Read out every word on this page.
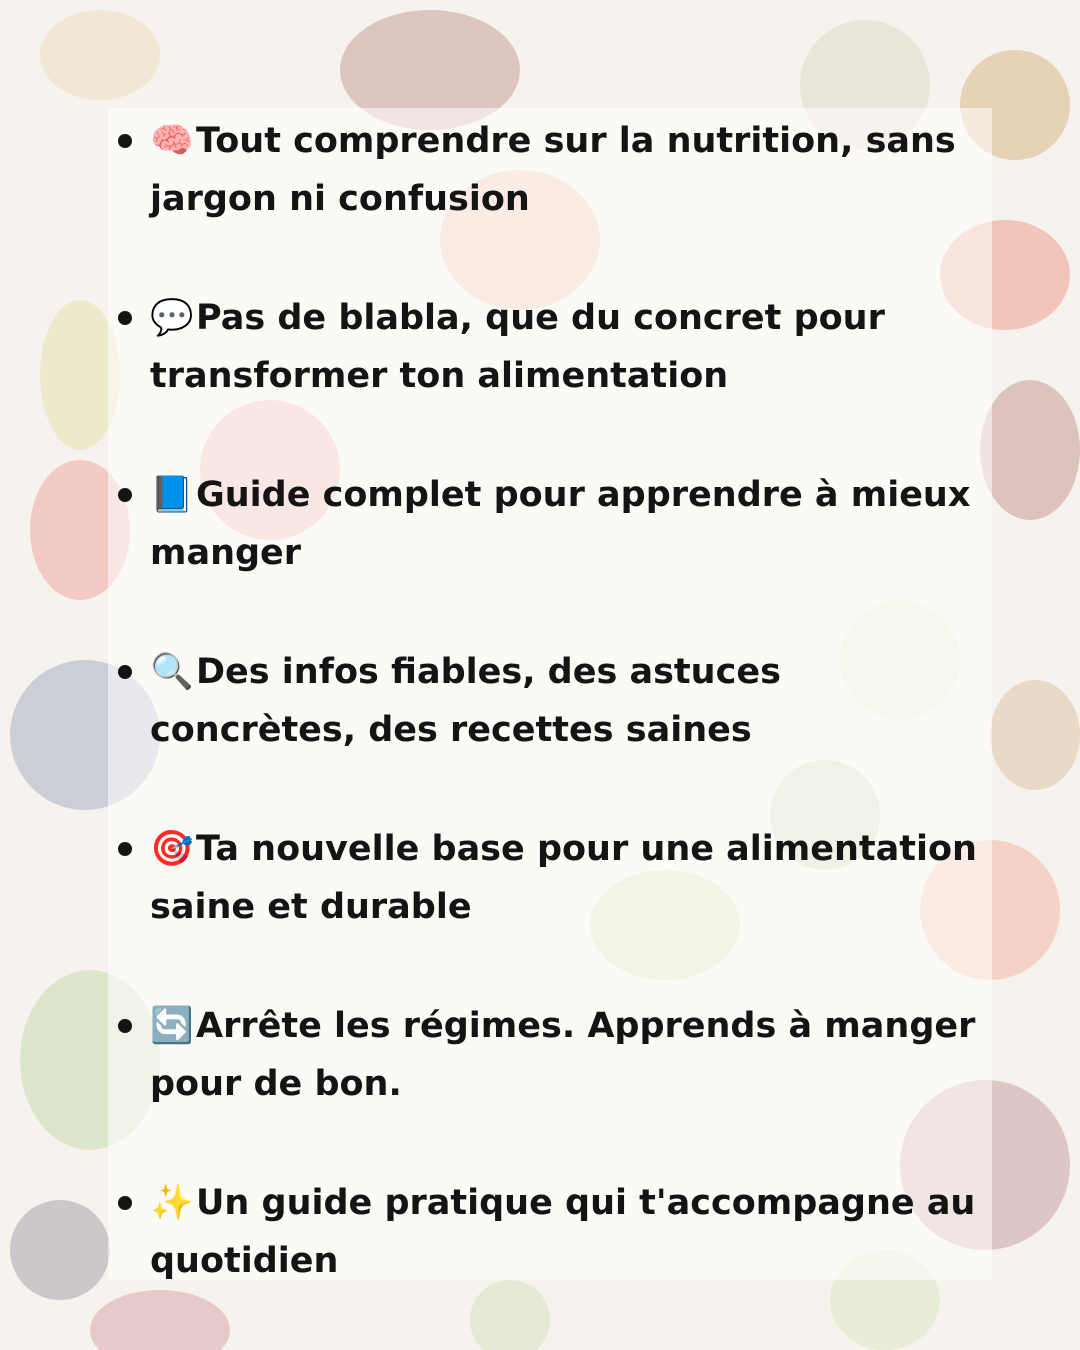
🧠Tout comprendre sur la nutrition, sans jargon ni confusion
💬Pas de blabla, que du concret pour transformer ton alimentation
📘Guide complet pour apprendre à mieux manger
🔍Des infos fiables, des astuces concrètes, des recettes saines
🎯Ta nouvelle base pour une alimentation saine et durable
🔄Arrête les régimes. Apprends à manger pour de bon.
✨Un guide pratique qui t'accompagne au quotidien
